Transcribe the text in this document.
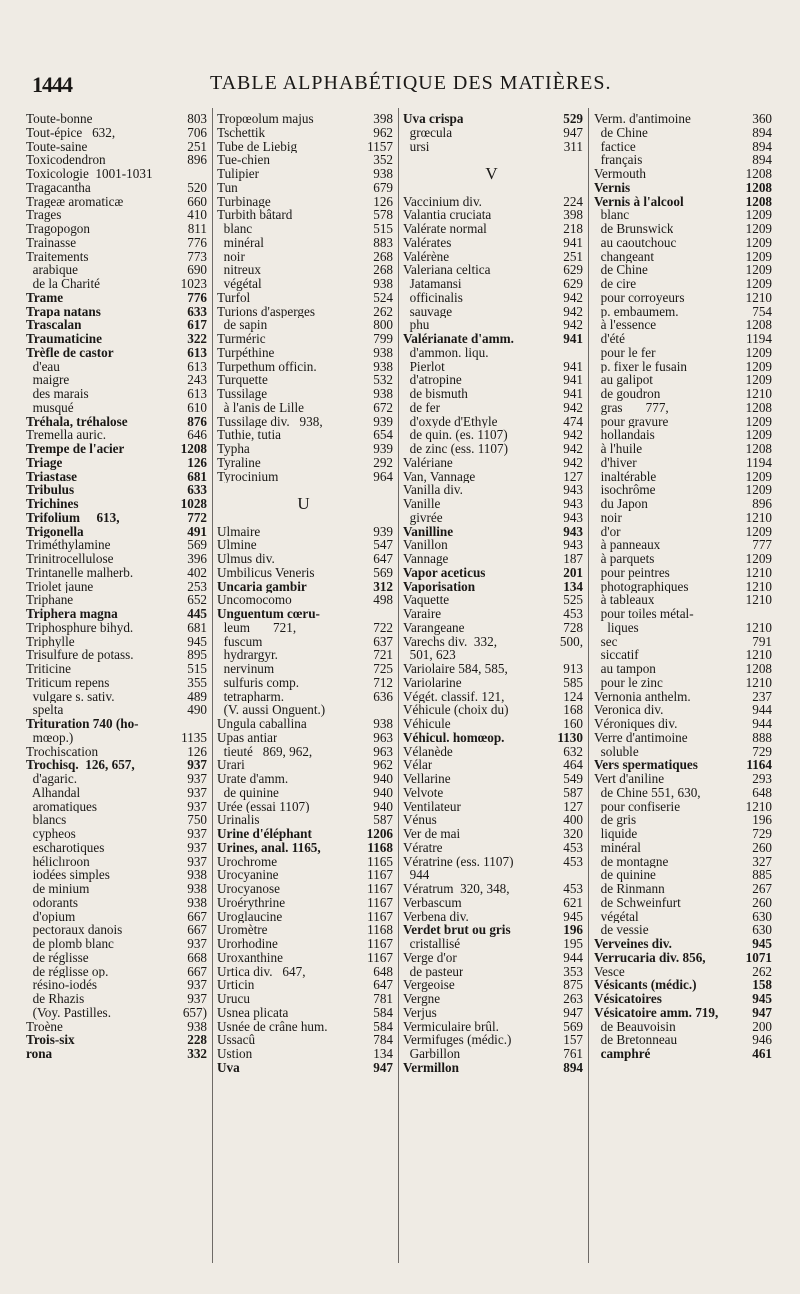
1444	TABLE ALPHABÉTIQUE DES MATIÈRES.
Toute-bonne	803
Tout-épice   632,	706
Toute-saine	251
Toxicodendron	896
Toxicologie  1001-1031
Tragacantha	520
Trageæ aromaticæ	660
Trages	410
Tragopogon	811
Trainasse	776
Traitements	773
arabique	690
de la Charité	1023
Trame	776
Trapa natans	633
Trascalan	617
Traumaticine	322
Trèfle de castor	613
d'eau	613
maigre	243
des marais	613
musqué	610
Tréhala, tréhalose	876
Tremella auric.	646
Trempe de l'acier	1208
Triage	126
Triastase	681
Tribulus	633
Trichines	1028
Trifolium     613,	772
Trigonella	491
Triméthylamine	569
Trinitrocellulose	396
Trintanelle malherb.	402
Triolet jaune	253
Triphane	652
Triphera magna	445
Triphosphure bihyd.	681
Triphylle	945
Trisulfure de potass.	895
Triticine	515
Triticum repens	355
vulgare s. sativ.	489
spelta	490
Trituration 740 (ho-
mœop.)	1135
Trochiscation	126
Trochisq.  126, 657,	937
d'agaric.	937
Alhandal	937
aromatiques	937
blancs	750
cypheos	937
escharotiques	937
héliclıroon	937
iodées simples	938
de minium	938
odorants	938
d'opium	667
pectoraux danois	667
de plomb blanc	937
de réglisse	668
de réglisse op.	667
résino-iodés	937
de Rhazis	937
(Voy. Pastilles.	657)
Troène	938
Trois-six	228
rona	332
Tropœolum majus	398
Tschettik	962
Tube de Liebig	1157
Tue-chien	352
Tulipier	938
Tun	679
Turbinage	126
Turbith bâtard	578
blanc	515
minéral	883
noir	268
nitreux	268
végétal	938
Turfol	524
Turions d'asperges	262
de sapin	800
Turméric	799
Turpéthine	938
Turpethum officin.	938
Turquette	532
Tussilage	938
à l'anis de Lille	672
Tussilage div.   938,	939
Tuthie, tutia	654
Typha	939
Tyraline	292
Tyrocinium	964
U
Ulmaire	939
Ulmine	547
Ulmus div.	647
Umbilicus Veneris	569
Uncaria gambir	312
Uncomocomo	498
Unguentum cœru-
leum       721,	722
fuscum	637
hydrargyr.	721
nervinum	725
sulfuris comp.	712
tetrapharm.	636
(V. aussi Onguent.)
Ungula caballina	938
Upas antiar	963
tieuté   869, 962,	963
Urari	962
Urate d'amm.	940
de quinine	940
Urée (essai 1107)	940
Urinalis	587
Urine d'éléphant	1206
Urines, anal. 1165,	1168
Urochrome	1165
Urocyanine	1167
Urocyanose	1167
Uroérythrine	1167
Uroglaucine	1167
Uromètre	1168
Urorhodine	1167
Uroxanthine	1167
Urtica div.   647,	648
Urticin	647
Urucu	781
Usnea plicata	584
Usnée de crâne hum.	584
Ussacû	784
Ustion	134
Uva	947
Uva crispa	529
grœcula	947
ursi	311
V
Vaccinium div.	224
Valantia cruciata	398
Valérate normal	218
Valérates	941
Valérène	251
Valeriana celtica	629
Jatamansi	629
officinalis	942
sauvage	942
phu	942
Valérianate d'amm.	941
d'ammon. liqu.
Pierlot	941
d'atropine	941
de bismuth	941
de fer	942
d'oxyde d'Ethyle	474
de quin. (es. 1107)	942
de zinc (ess. 1107)	942
Valériane	942
Van, Vannage	127
Vanilla div.	943
Vanille	943
givrée	943
Vanilline	943
Vanillon	943
Vannage	187
Vapor aceticus	201
Vaporisation	134
Vaquette	525
Varaire	453
Varangeane	728
Varechs div.  332,	500,
501, 623
Variolaire 584, 585,	913
Variolarine	585
Végét. classif. 121,	124
Véhicule (choix du)	168
Véhicule	160
Véhicul. homœop.	1130
Vélanède	632
Vélar	464
Vellarine	549
Velvote	587
Ventilateur	127
Vénus	400
Ver de mai	320
Vératre	453
Vératrine (ess. 1107)	453
944
Vératrum  320, 348,	453
Verbascum	621
Verbena div.	945
Verdet brut ou gris	196
cristallisé	195
Verge d'or	944
de pasteur	353
Vergeoise	875
Vergne	263
Verjus	947
Vermiculaire brûl.	569
Vermifuges (médic.)	157
Garbillon	761
Vermillon	894
Verm. d'antimoine	360
de Chine	894
factice	894
français	894
Vermouth	1208
Vernis	1208
Vernis à l'alcool	1208
blanc	1209
de Brunswick	1209
au caoutchouc	1209
changeant	1209
de Chine	1209
de cire	1209
pour corroyeurs	1210
p. embaumem.	754
à l'essence	1208
d'été	1194
pour le fer	1209
p. fixer le fusain	1209
au galipot	1209
de goudron	1210
gras       777,	1208
pour gravure	1209
hollandais	1209
à l'huile	1208
d'hiver	1194
inaltérable	1209
isochrôme	1209
du Japon	896
noir	1210
d'or	1209
à panneaux	777
à parquets	1209
pour peintres	1210
photographiques	1210
à tableaux	1210
pour toiles métal-
liques	1210
sec	791
siccatif	1210
au tampon	1208
pour le zinc	1210
Vernonia anthelm.	237
Veronica div.	944
Véroniques div.	944
Verre d'antimoine	888
soluble	729
Vers spermatiques	1164
Vert d'aniline	293
de Chine 551, 630,	648
pour confiserie	1210
de gris	196
liquide	729
minéral	260
de montagne	327
de quinine	885
de Rinmann	267
de Schweinfurt	260
végétal	630
de vessie	630
Verveines div.	945
Verrucaria div. 856,	1071
Vesce	262
Vésicants (médic.)	158
Vésicatoires	945
Vésicatoire amm. 719,	947
de Beauvoisin	200
de Bretonneau	946
camphré	461
